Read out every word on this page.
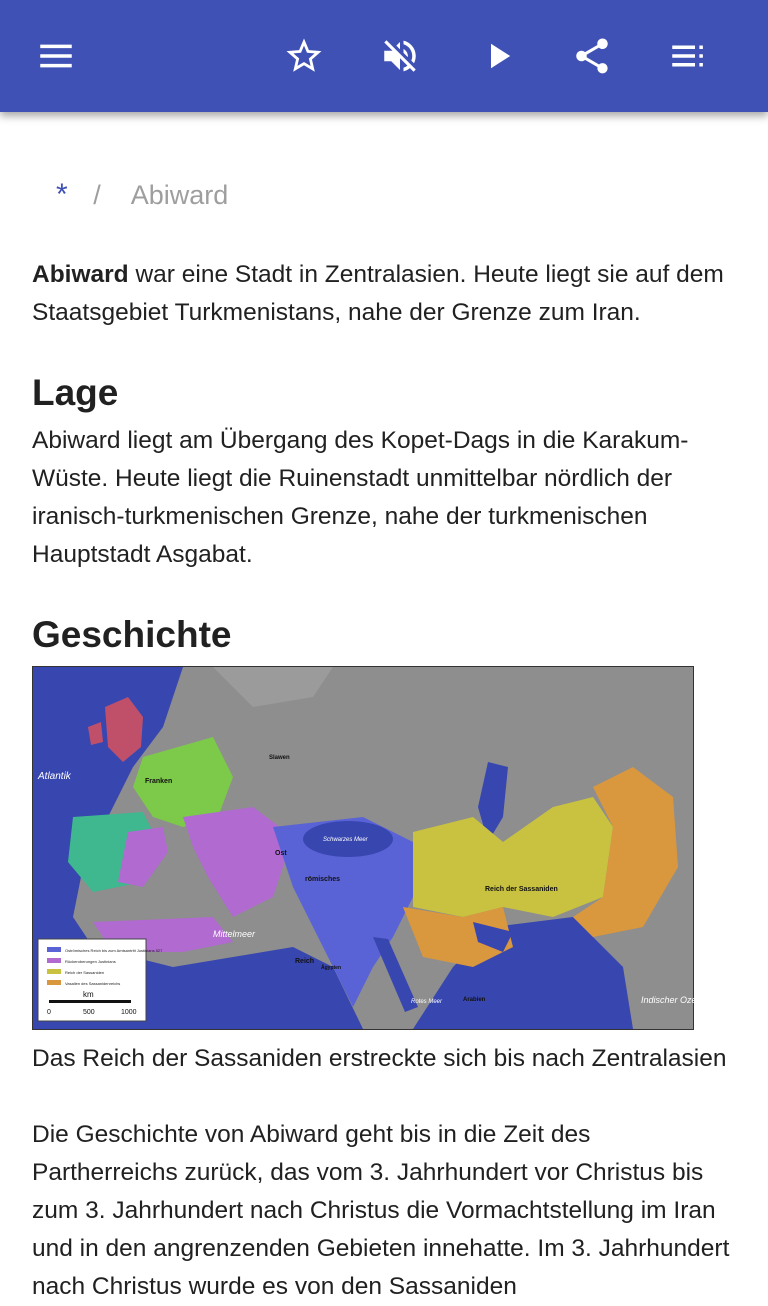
* / Abiward

Abiward war eine Stadt in Zentralasien. Heute liegt sie auf dem Staatsgebiet Turkmenistans, nahe der Grenze zum Iran.

Lage

Abiward liegt am Übergang des Kopet-Dags in die Karakum-Wüste. Heute liegt die Ruinenstadt unmittelbar nördlich der iranisch-turkmenischen Grenze, nahe der turkmenischen Hauptstadt Asgabat.

Geschichte
Atlantik
Mittelmeer
Schwarzes Meer
Indischer Ozean
Rotes Meer
Franken
Slawen
Ost
römisches
Reich
Reich der Sassaniden
Arabien
Ägypten
Oströmisches Reich bis zum Amtsantritt Justinians 527
Rückeroberungen Justinians
Reich der Sassaniden
Vasallen des Sassanidenreichs
km
0	500	1000

Das Reich der Sassaniden erstreckte sich bis nach Zentralasien

Die Geschichte von Abiward geht bis in die Zeit des Partherreichs zurück, das vom 3. Jahrhundert vor Christus bis zum 3. Jahrhundert nach Christus die Vormachtstellung im Iran und in den angrenzenden Gebieten innehatte. Im 3. Jahrhundert nach Christus wurde es von den Sassaniden
